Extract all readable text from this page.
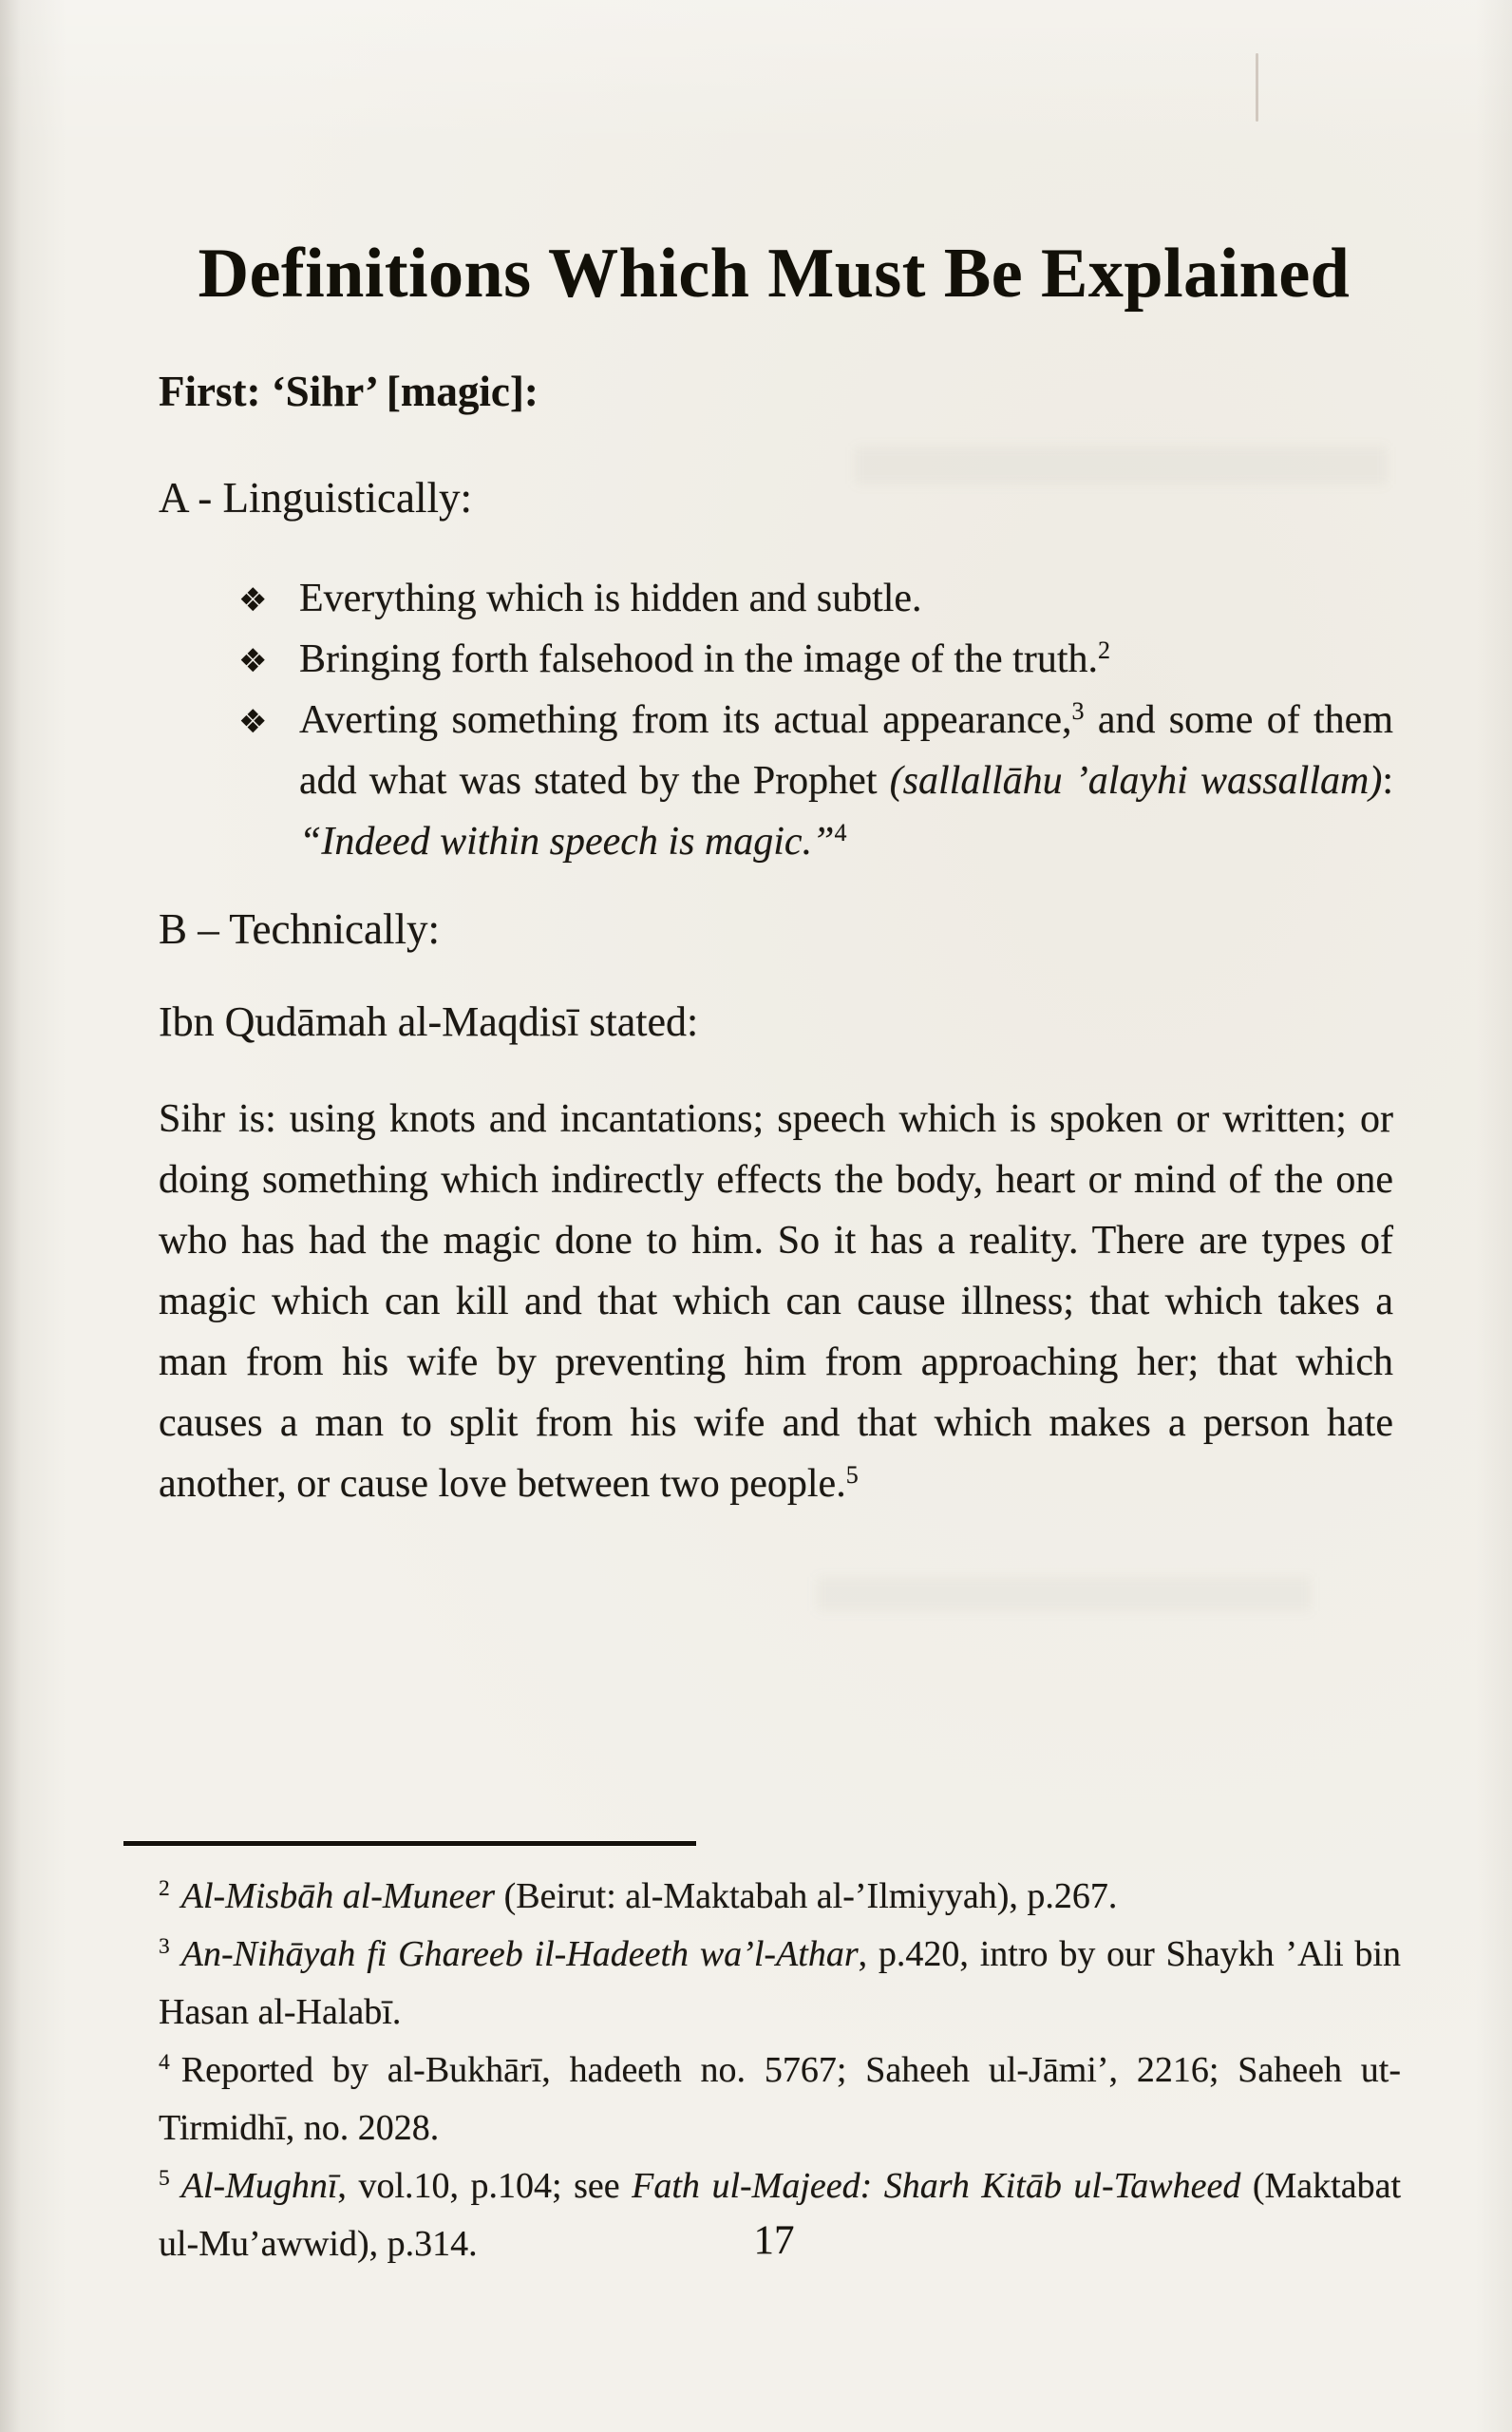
Definitions Which Must Be Explained
First: ‘Sihr’ [magic]:
A - Linguistically:
❖ Everything which is hidden and subtle.
❖ Bringing forth falsehood in the image of the truth.$^2$
❖ Averting something from its actual appearance,$^3$ and some of them add what was stated by the Prophet (sallallāhu ’alayhi wassallam): “Indeed within speech is magic.”$^4$
B – Technically:
Ibn Qudāmah al-Maqdisī stated:

Sihr is: using knots and incantations; speech which is spoken or written; or doing something which indirectly effects the body, heart or mind of the one who has had the magic done to him. So it has a reality. There are types of magic which can kill and that which can cause illness; that which takes a man from his wife by preventing him from approaching her; that which causes a man to split from his wife and that which makes a person hate another, or cause love between two people.$^5$

$^2$ Al-Misbāh al-Muneer (Beirut: al-Maktabah al-’Ilmiyyah), p.267.
$^3$ An-Nihāyah fi Ghareeb il-Hadeeth wa’l-Athar, p.420, intro by our Shaykh ’Ali bin Hasan al-Halabī.
$^4$ Reported by al-Bukhārī, hadeeth no. 5767; Saheeh ul-Jāmi’, 2216; Saheeh ut-Tirmidhī, no. 2028.
$^5$ Al-Mughnī, vol.10, p.104; see Fath ul-Majeed: Sharh Kitāb ul-Tawheed (Maktabat ul-Mu’awwid), p.314.	17
